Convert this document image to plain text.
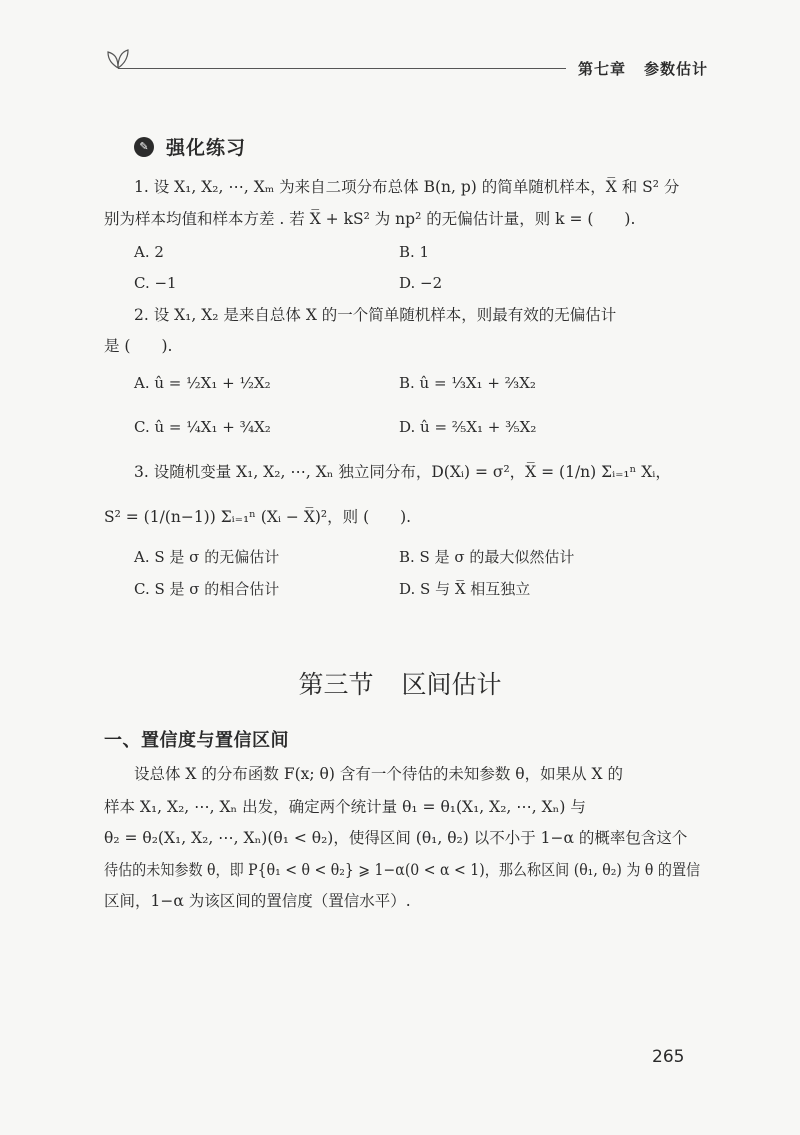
第七章 参数估计
✎ 强化练习
1. 设 X₁, X₂, ⋯, Xₘ 为来自二项分布总体 B(n, p) 的简单随机样本，X̅ 和 S² 分
别为样本均值和样本方差 . 若 X̅ + kS² 为 np² 的无偏估计量，则 k = (　　).
A. 2	B. 1
C. −1	D. −2
2. 设 X₁, X₂ 是来自总体 X 的一个简单随机样本，则最有效的无偏估计
是 (　　).
A. û = ½X₁ + ½X₂	B. û = ⅓X₁ + ⅔X₂
C. û = ¼X₁ + ¾X₂	D. û = ⅖X₁ + ⅗X₂
3. 设随机变量 X₁, X₂, ⋯, Xₙ 独立同分布，D(Xᵢ) = σ²，X̅ = (1/n) Σᵢ₌₁ⁿ Xᵢ，
S² = (1/(n−1)) Σᵢ₌₁ⁿ (Xᵢ − X̅)²，则 (　　).
A. S 是 σ 的无偏估计	B. S 是 σ 的最大似然估计
C. S 是 σ 的相合估计	D. S 与 X̅ 相互独立
第三节 区间估计
一、置信度与置信区间
设总体 X 的分布函数 F(x; θ) 含有一个待估的未知参数 θ，如果从 X 的
样本 X₁, X₂, ⋯, Xₙ 出发，确定两个统计量 θ₁ = θ₁(X₁, X₂, ⋯, Xₙ) 与
θ₂ = θ₂(X₁, X₂, ⋯, Xₙ)(θ₁ < θ₂)，使得区间 (θ₁, θ₂) 以不小于 1−α 的概率包含这个
待估的未知参数 θ，即 P{θ₁ < θ < θ₂} ⩾ 1−α(0 < α < 1)，那么称区间 (θ₁, θ₂) 为 θ 的置信
区间，1−α 为该区间的置信度（置信水平）.
265
